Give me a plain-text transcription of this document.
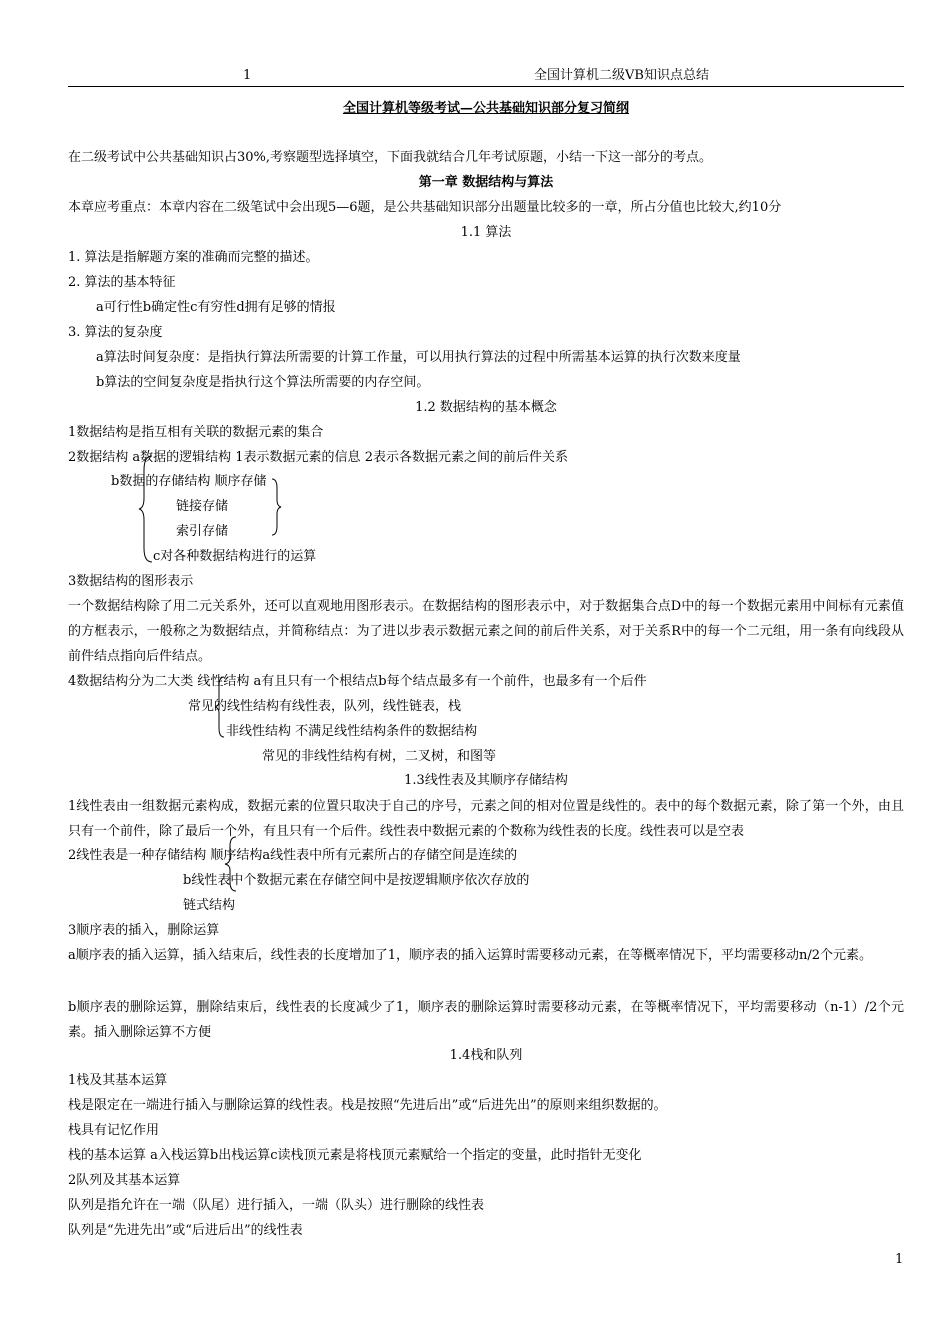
1	全国计算机二级VB知识点总结
全国计算机等级考试—公共基础知识部分复习简纲
在二级考试中公共基础知识占30%,考察题型选择填空，下面我就结合几年考试原题，小结一下这一部分的考点。
第一章 数据结构与算法
本章应考重点：本章内容在二级笔试中会出现5—6题，是公共基础知识部分出题量比较多的一章，所占分值也比较大,约10分
1.1 算法
1. 算法是指解题方案的准确而完整的描述。
2. 算法的基本特征
a可行性b确定性c有穷性d拥有足够的情报
3. 算法的复杂度
a算法时间复杂度：是指执行算法所需要的计算工作量，可以用执行算法的过程中所需基本运算的执行次数来度量
b算法的空间复杂度是指执行这个算法所需要的内存空间。
1.2 数据结构的基本概念
1数据结构是指互相有关联的数据元素的集合
2数据结构 a数据的逻辑结构 1表示数据元素的信息 2表示各数据元素之间的前后件关系
b数据的存储结构 顺序存储
链接存储
索引存储
c对各种数据结构进行的运算
3数据结构的图形表示
一个数据结构除了用二元关系外，还可以直观地用图形表示。在数据结构的图形表示中，对于数据集合点D中的每一个数据元素用中间标有元素值的方框表示，一般称之为数据结点，并简称结点：为了进以步表示数据元素之间的前后件关系，对于关系R中的每一个二元组，用一条有向线段从前件结点指向后件结点。
4数据结构分为二大类 线性结构 a有且只有一个根结点b每个结点最多有一个前件，也最多有一个后件
常见的线性结构有线性表，队列，线性链表，栈
非线性结构 不满足线性结构条件的数据结构
常见的非线性结构有树，二叉树，和图等
1.3线性表及其顺序存储结构
1线性表由一组数据元素构成，数据元素的位置只取决于自己的序号，元素之间的相对位置是线性的。表中的每个数据元素，除了第一个外，由且只有一个前件，除了最后一个外，有且只有一个后件。线性表中数据元素的个数称为线性表的长度。线性表可以是空表
2线性表是一种存储结构 顺序结构a线性表中所有元素所占的存储空间是连续的
b线性表中个数据元素在存储空间中是按逻辑顺序依次存放的
链式结构
3顺序表的插入，删除运算
a顺序表的插入运算，插入结束后，线性表的长度增加了1，顺序表的插入运算时需要移动元素，在等概率情况下，平均需要移动n/2个元素。
b顺序表的删除运算，删除结束后，线性表的长度减少了1，顺序表的删除运算时需要移动元素，在等概率情况下，平均需要移动（n-1）/2个元素。插入删除运算不方便
1.4栈和队列
1栈及其基本运算
栈是限定在一端进行插入与删除运算的线性表。栈是按照“先进后出”或“后进先出”的原则来组织数据的。
栈具有记忆作用
栈的基本运算 a入栈运算b出栈运算c读栈顶元素是将栈顶元素赋给一个指定的变量，此时指针无变化
2队列及其基本运算
队列是指允许在一端（队尾）进行插入，一端（队头）进行删除的线性表
队列是“先进先出”或“后进后出”的线性表
1
